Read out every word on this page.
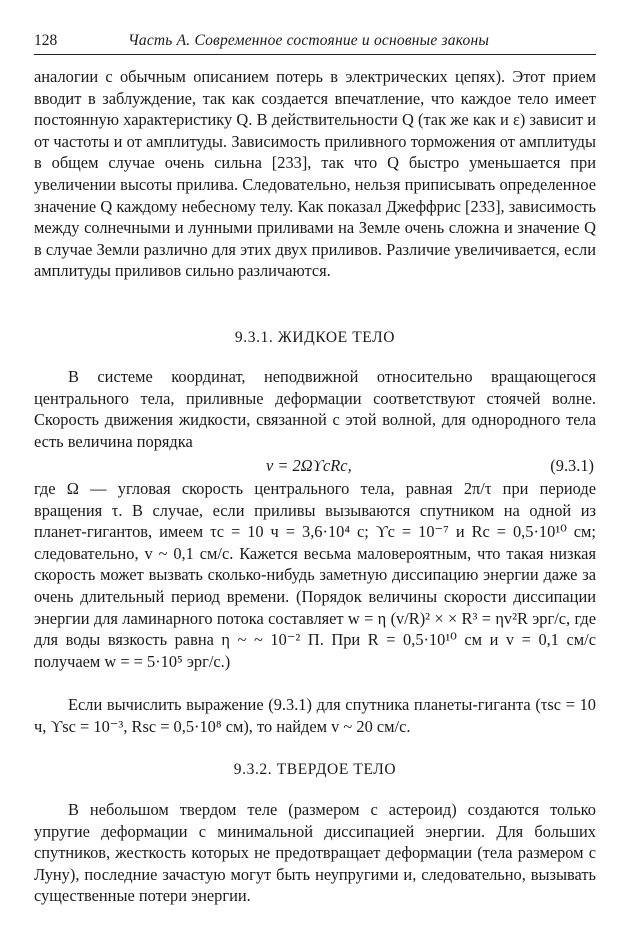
128	Часть А. Современное состояние и основные законы
аналогии с обычным описанием потерь в электрических цепях). Этот прием вводит в заблуждение, так как создается впечатление, что каждое тело имеет постоянную характеристику Q. В действительности Q (так же как и ε) зависит и от частоты и от амплитуды. Зависимость приливного торможения от амплитуды в общем случае очень сильна [233], так что Q быстро уменьшается при увеличении высоты прилива. Следовательно, нельзя приписывать определенное значение Q каждому небесному телу. Как показал Джеффрис [233], зависимость между солнечными и лунными приливами на Земле очень сложна и значение Q в случае Земли различно для этих двух приливов. Различие увеличивается, если амплитуды приливов сильно различаются.
9.3.1. ЖИДКОЕ ТЕЛО
В системе координат, неподвижной относительно вращающегося центрального тела, приливные деформации соответствуют стоячей волне. Скорость движения жидкости, связанной с этой волной, для однородного тела есть величина порядка
v = 2ΩϒcRc,	(9.3.1)
где Ω — угловая скорость центрального тела, равная 2π/τ при периоде вращения τ. В случае, если приливы вызываются спутником на одной из планет-гигантов, имеем τc = 10 ч = 3,6·10⁴ с; ϒc = 10⁻⁷ и Rc = 0,5·10¹⁰ см; следовательно, v ~ 0,1 см/с. Кажется весьма маловероятным, что такая низкая скорость может вызвать сколько-нибудь заметную диссипацию энергии даже за очень длительный период времени. (Порядок величины скорости диссипации энергии для ламинарного потока составляет w = η (v/R)² × × R³ = ηv²R эрг/с, где для воды вязкость равна η ~ ~ 10⁻² П. При R = 0,5·10¹⁰ см и v = 0,1 см/с получаем w = = 5·10⁵ эрг/с.)
Если вычислить выражение (9.3.1) для спутника планеты-гиганта (τsc = 10 ч, ϒsc = 10⁻³, Rsc = 0,5·10⁸ см), то найдем v ~ 20 см/с.
9.3.2. ТВЕРДОЕ ТЕЛО
В небольшом твердом теле (размером с астероид) создаются только упругие деформации с минимальной диссипацией энергии. Для больших спутников, жесткость которых не предотвращает деформации (тела размером с Луну), последние зачастую могут быть неупругими и, следовательно, вызывать существенные потери энергии.
